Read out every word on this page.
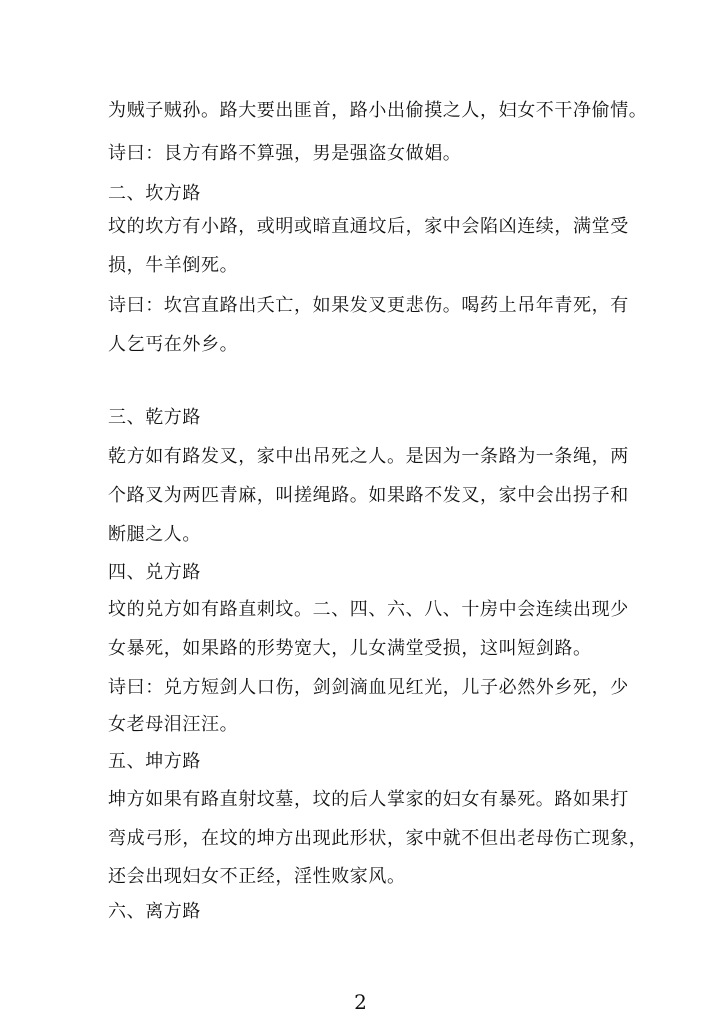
为贼子贼孙。路大要出匪首，路小出偷摸之人，妇女不干净偷情。
诗曰：艮方有路不算强，男是强盗女做娼。
二、坎方路
坟的坎方有小路，或明或暗直通坟后，家中会陷凶连续，满堂受
损，牛羊倒死。
诗曰：坎宫直路出夭亡，如果发叉更悲伤。喝药上吊年青死，有
人乞丐在外乡。
三、乾方路
乾方如有路发叉，家中出吊死之人。是因为一条路为一条绳，两
个路叉为两匹青麻，叫搓绳路。如果路不发叉，家中会出拐子和
断腿之人。
四、兑方路
坟的兑方如有路直刺坟。二、四、六、八、十房中会连续出现少
女暴死，如果路的形势宽大，儿女满堂受损，这叫短剑路。
诗曰：兑方短剑人口伤，剑剑滴血见红光，儿子必然外乡死，少
女老母泪汪汪。
五、坤方路
坤方如果有路直射坟墓，坟的后人掌家的妇女有暴死。路如果打
弯成弓形，在坟的坤方出现此形状，家中就不但出老母伤亡现象，
还会出现妇女不正经，淫性败家风。
六、离方路
2
